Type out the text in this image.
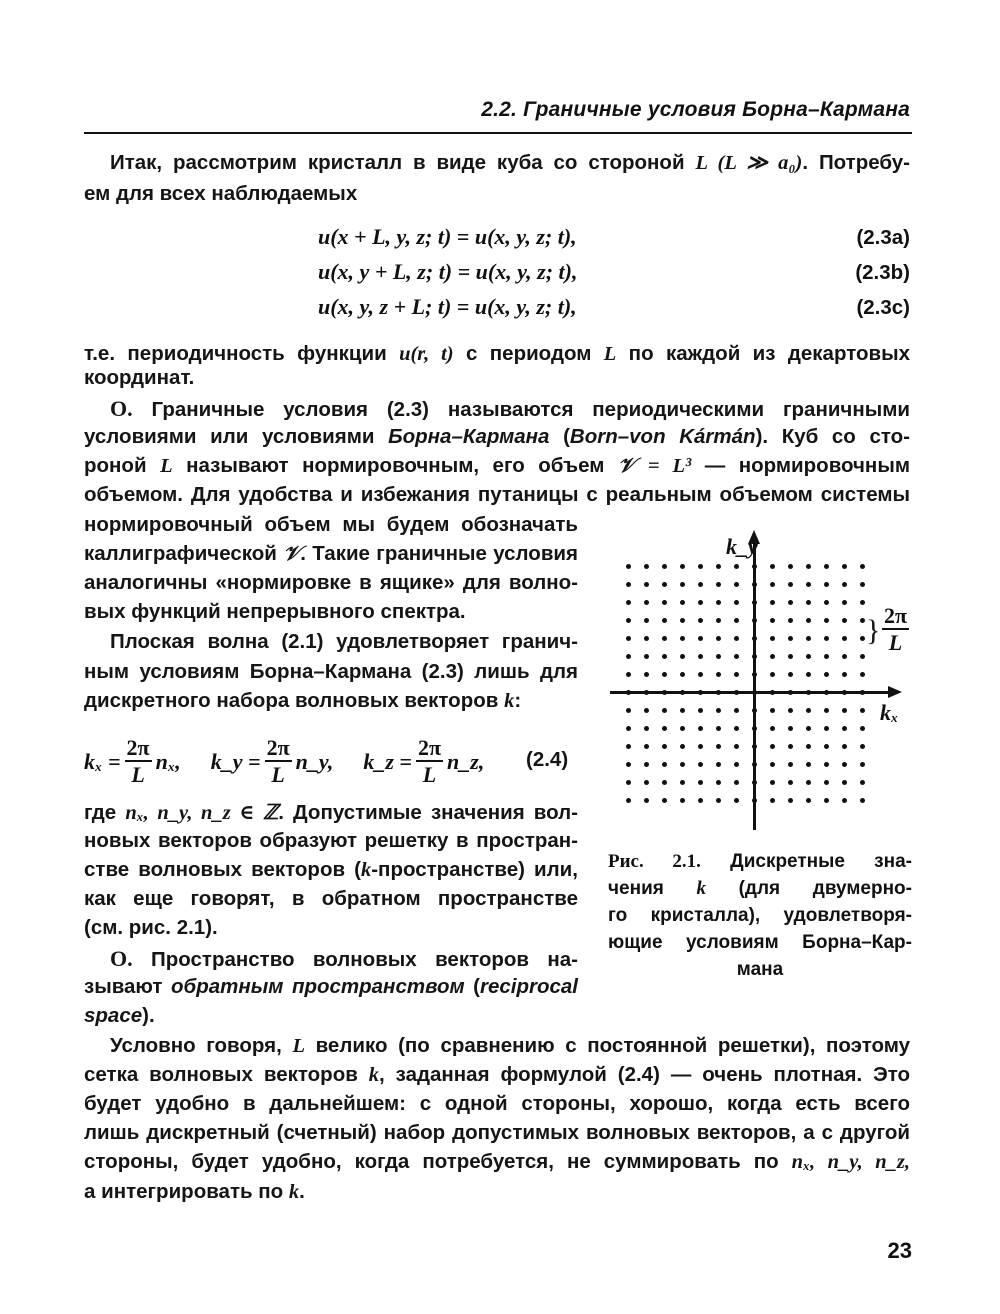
2.2. Граничные условия Борна–Кармана
Итак, рассмотрим кристалл в виде куба со стороной L (L ≫ a₀). Потребу-
ем для всех наблюдаемых
u(x + L, y, z; t) = u(x, y, z; t),	(2.3a)
u(x, y + L, z; t) = u(x, y, z; t),	(2.3b)
u(x, y, z + L; t) = u(x, y, z; t),	(2.3c)
т.е. периодичность функции u(r, t) с периодом L по каждой из декартовых
координат.
О. Граничные условия (2.3) называются периодическими граничными
условиями или условиями Борна–Кармана (Born–von Kármán). Куб со сто-
роной L называют нормировочным, его объем 𝒱 = L³ — нормировочным
объемом. Для удобства и избежания путаницы с реальным объемом системы
нормировочный объем мы будем обозначать
каллиграфической 𝒱. Такие граничные условия
аналогичны «нормировке в ящике» для волно-
вых функций непрерывного спектра.
Плоская волна (2.1) удовлетворяет гранич-
ным условиям Борна–Кармана (2.3) лишь для
дискретного набора волновых векторов k:
$k_x = \frac{2\pi}{L} n_x$, k_y = $\frac{2\pi}{L}$ n_y, k_z = $\frac{2\pi}{L}$ n_z, (2.4)
где nₓ, n_y, n_z ∈ ℤ. Допустимые значения вол-
новых векторов образуют решетку в простран-
стве волновых векторов (k-пространстве) или,
как еще говорят, в обратном пространстве
(см. рис. 2.1).
О. Пространство волновых векторов на-
зывают обратным пространством (reciprocal
space).
Условно говоря, L велико (по сравнению с постоянной решетки), поэтому
сетка волновых векторов k, заданная формулой (2.4) — очень плотная. Это
будет удобно в дальнейшем: с одной стороны, хорошо, когда есть всего
лишь дискретный (счетный) набор допустимых волновых векторов, а с другой
стороны, будет удобно, когда потребуется, не суммировать по nₓ, n_y, n_z,
а интегрировать по k.
k_y
kₓ
} $\frac{2\pi}{L}$
Рис. 2.1. Дискретные зна-
чения k (для двумерно-
го кристалла), удовлетворя-
ющие условиям Борна–Кар-
мана
23
